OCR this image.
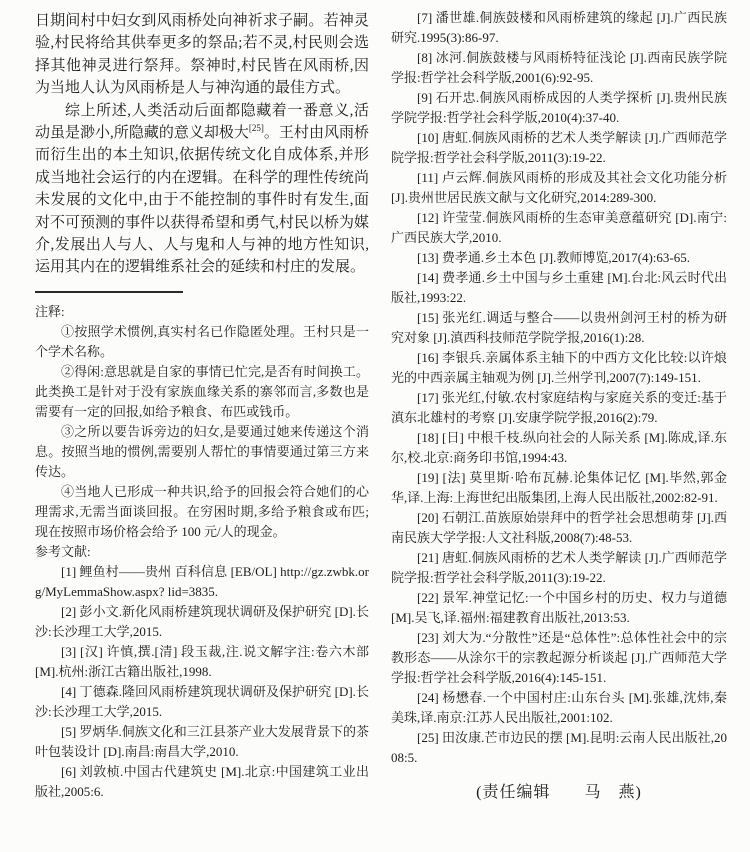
日期间村中妇女到风雨桥处向神祈求子嗣。若神灵验,村民将给其供奉更多的祭品;若不灵,村民则会选择其他神灵进行祭拜。祭神时,村民皆在风雨桥,因为当地人认为风雨桥是人与神沟通的最佳方式。

综上所述,人类活动后面都隐藏着一番意义,活动虽是渺小,所隐藏的意义却极大[25]。王村由风雨桥而衍生出的本土知识,依据传统文化自成体系,并形成当地社会运行的内在逻辑。在科学的理性传统尚未发展的文化中,由于不能控制的事件时有发生,面对不可预测的事件以获得希望和勇气,村民以桥为媒介,发展出人与人、人与鬼和人与神的地方性知识,运用其内在的逻辑维系社会的延续和村庄的发展。

注释:

①按照学术惯例,真实村名已作隐匿处理。王村只是一个学术名称。

②得闲:意思就是自家的事情已忙完,是否有时间换工。此类换工是针对于没有家族血缘关系的寨邻而言,多数也是需要有一定的回报,如给予粮食、布匹或钱币。

③之所以要告诉旁边的妇女,是要通过她来传递这个消息。按照当地的惯例,需要别人帮忙的事情要通过第三方来传达。

④当地人已形成一种共识,给予的回报会符合她们的心理需求,无需当面谈回报。在穷困时期,多给予粮食或布匹;现在按照市场价格会给予 100 元/人的现金。

参考文献:

[1] 鲤鱼村——贵州 百科信息 [EB/OL] http://gz.zwbk.org/MyLemmaShow.aspx? lid=3835.

[2] 彭小文.新化风雨桥建筑现状调研及保护研究 [D].长沙:长沙理工大学,2015.

[3] [汉] 许慎,撰.[清] 段玉裁,注.说文解字注:卷六木部 [M].杭州:浙江古籍出版社,1998.

[4] 丁德森.隆回风雨桥建筑现状调研及保护研究 [D].长沙:长沙理工大学,2015.

[5] 罗炳华.侗族文化和三江县茶产业大发展背景下的茶叶包装设计 [D].南昌:南昌大学,2010.

[6] 刘敦桢.中国古代建筑史 [M].北京:中国建筑工业出版社,2005:6.

[7] 潘世雄.侗族鼓楼和风雨桥建筑的缘起 [J].广西民族研究.1995(3):86-97.

[8] 冰河.侗族鼓楼与风雨桥特征浅论 [J].西南民族学院学报:哲学社会科学版,2001(6):92-95.

[9] 石开忠.侗族风雨桥成因的人类学探析 [J].贵州民族学院学报:哲学社会科学版,2010(4):37-40.

[10] 唐虹.侗族风雨桥的艺术人类学解读 [J].广西师范学院学报:哲学社会科学版,2011(3):19-22.

[11] 卢云辉.侗族风雨桥的形成及其社会文化功能分析 [J].贵州世居民族文献与文化研究,2014:289-300.

[12] 许莹莹.侗族风雨桥的生态审美意蕴研究 [D].南宁:广西民族大学,2010.

[13] 费孝通.乡土本色 [J].教师博览,2017(4):63-65.

[14] 费孝通.乡土中国与乡土重建 [M].台北:风云时代出版社,1993:22.

[15] 张光红.调适与整合——以贵州剑河王村的桥为研究对象 [J].滇西科技师范学院学报,2016(1):28.

[16] 李银兵.亲属体系主轴下的中西方文化比较:以许烺光的中西亲属主轴观为例 [J].兰州学刊,2007(7):149-151.

[17] 张光红,付敏.农村家庭结构与家庭关系的变迁:基于滇东北雄村的考察 [J].安康学院学报,2016(2):79.

[18] [日] 中根千枝.纵向社会的人际关系 [M].陈成,译.东尔,校.北京:商务印书馆,1994:43.

[19] [法] 莫里斯·哈布瓦赫.论集体记忆 [M].毕然,郭金华,译.上海:上海世纪出版集团,上海人民出版社,2002:82-91.

[20] 石朝江.苗族原始崇拜中的哲学社会思想萌芽 [J].西南民族大学学报:人文社科版,2008(7):48-53.

[21] 唐虹.侗族风雨桥的艺术人类学解读 [J].广西师范学院学报:哲学社会科学版,2011(3):19-22.

[22] 景军.神堂记忆:一个中国乡村的历史、权力与道德 [M].吴飞,译.福州:福建教育出版社,2013:53.

[23] 刘大为.“分散性”还是“总体性”:总体性社会中的宗教形态——从涂尔干的宗教起源分析谈起 [J].广西师范大学学报:哲学社会科学版,2016(4):145-151.

[24] 杨懋春.一个中国村庄:山东台头 [M].张雄,沈炜,秦美珠,译.南京:江苏人民出版社,2001:102.

[25] 田汝康.芒市边民的摆 [M].昆明:云南人民出版社,2008:5.

(责任编辑　　马　燕)
